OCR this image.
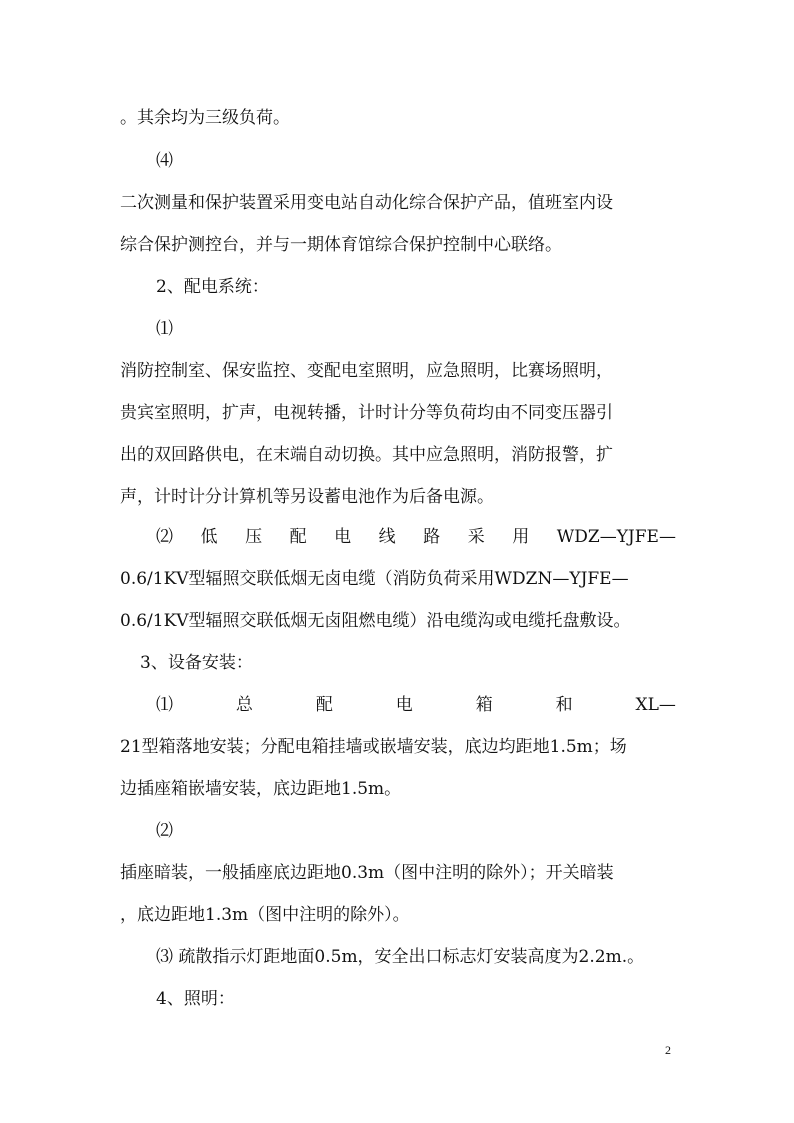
。其余均为三级负荷。
⑷
二次测量和保护装置采用变电站自动化综合保护产品，值班室内设
综合保护测控台，并与一期体育馆综合保护控制中心联络。
2、配电系统：
⑴
消防控制室、保安监控、变配电室照明，应急照明，比赛场照明，
贵宾室照明，扩声，电视转播，计时计分等负荷均由不同变压器引
出的双回路供电，在末端自动切换。其中应急照明，消防报警，扩
声，计时计分计算机等另设蓄电池作为后备电源。
⑵ 低 压 配 电 线 路 采 用 WDZ—YJFE—
0.6/1KV型辐照交联低烟无卤电缆（消防负荷采用WDZN—YJFE—
0.6/1KV型辐照交联低烟无卤阻燃电缆）沿电缆沟或电缆托盘敷设。
3、设备安装：
⑴	总	配	电	箱	和	XL—
21型箱落地安装；分配电箱挂墙或嵌墙安装，底边均距地1.5m；场
边插座箱嵌墙安装，底边距地1.5m。
⑵
插座暗装，一般插座底边距地0.3m（图中注明的除外）；开关暗装
，底边距地1.3m（图中注明的除外）。
⑶ 疏散指示灯距地面0.5m，安全出口标志灯安装高度为2.2m.。
4、照明：
2
